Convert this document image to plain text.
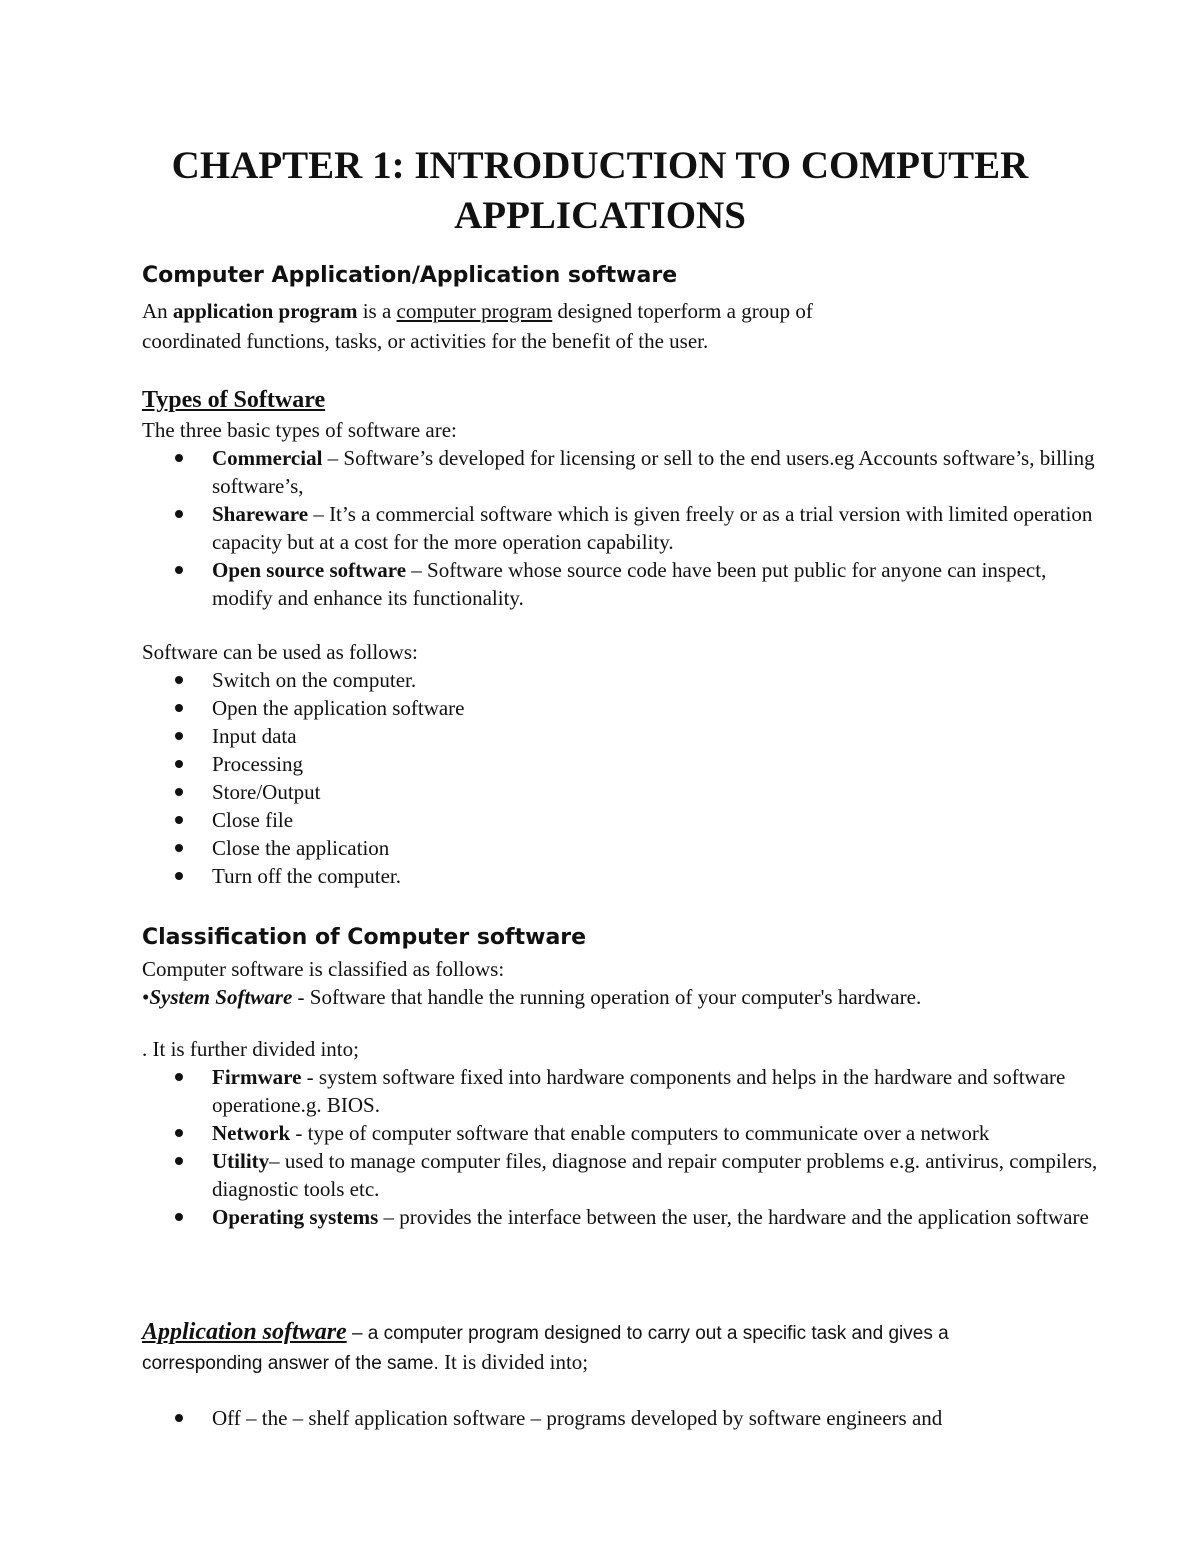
CHAPTER 1: INTRODUCTION TO COMPUTER
APPLICATIONS
Computer Application/Application software

An application program is a computer program designed toperform a group of

coordinated functions, tasks, or activities for the benefit of the user.

Types of Software

The three basic types of software are:

Commercial – Software’s developed for licensing or sell to the end users.eg Accounts software’s, billing software’s,
Shareware – It’s a commercial software which is given freely or as a trial version with limited operation capacity but at a cost for the more operation capability.
Open source software – Software whose source code have been put public for anyone can inspect, modify and enhance its functionality.

Software can be used as follows:

Switch on the computer.
Open the application software
Input data
Processing
Store/Output
Close file
Close the application
Turn off the computer.
Classification of Computer software

Computer software is classified as follows:

•System Software - Software that handle the running operation of your computer's hardware.

. It is further divided into;

Firmware - system software fixed into hardware components and helps in the hardware and software operatione.g. BIOS.
Network - type of computer software that enable computers to communicate over a network
Utility– used to manage computer files, diagnose and repair computer problems e.g. antivirus, compilers, diagnostic tools etc.
Operating systems – provides the interface between the user, the hardware and the application software

Application software – a computer program designed to carry out a specific task and gives a

corresponding answer of the same. It is divided into;

Off – the – shelf application software – programs developed by software engineers and
